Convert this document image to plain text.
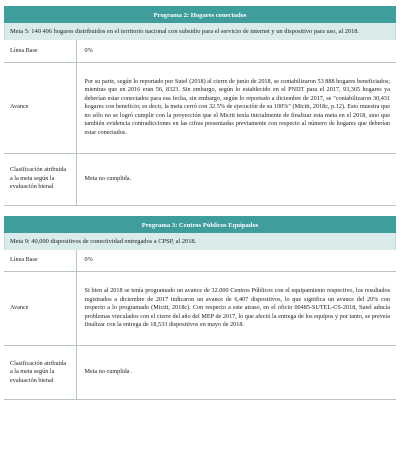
Programa 2: Hogares conectados
Meta 5: 140 496 hogares distribuidos en el territorio nacional con subsidio para el servicio de internet y un dispositivo para uso, al 2018.
Línea Base	0%
Avance	Por su parte, según lo reportado por Sutel (2018) al cierre de junio de 2018, se contabilizaron 53 888 hogares beneficiados; mientras que en 2016 eran 56, 8323. Sin embargo, según lo establecido en el PNDT para el 2017, 93,365 hogares ya deberían estar conectados para esa fecha, sin embargo, según lo reportado a diciembre de 2017, se "contabilizaron 30,431 hogares con beneficio; es decir, la meta cerró con 32.5% de ejecución de su 100%" (Micitt, 2018c, p.12). Esto muestra que no sólo no se logró cumplir con la proyección que el Micitt tenía inicialmente de finalizar esta meta en el 2018, sino que también evidencia contradicciones en las cifras presentadas previamente con respecto al número de hogares que deberían estar conectados.
Clasificación atribuida a la meta según la evaluación bienal	Meta no cumplida.
Programa 3: Centros Públicos Equipados
Meta 9: 40,000 dispositivos de conectividad entregados a CPSP, al 2018.
Línea Base	0%
Avance	Si bien al 2018 se tenía programado un avance de 32.000 Centros Públicos con el equipamiento respectivo, los resultados registrados a diciembre de 2017 indicaron un avance de 6,407 dispositivos, lo que significa un avance del 20% con respecto a lo programado (Micitt, 2018c). Con respecto a este atraso, en el oficio 00485-SUTEL-CS-2018, Sutel aducía problemas vinculados con el cierre del año del MEP de 2017, lo que afectó la entrega de los equipos y por tanto, se preveía finalizar con la entrega de 18,533 dispositivos en mayo de 2018.
Clasificación atribuida a la meta según la evaluación bienal	Meta no cumplida .
